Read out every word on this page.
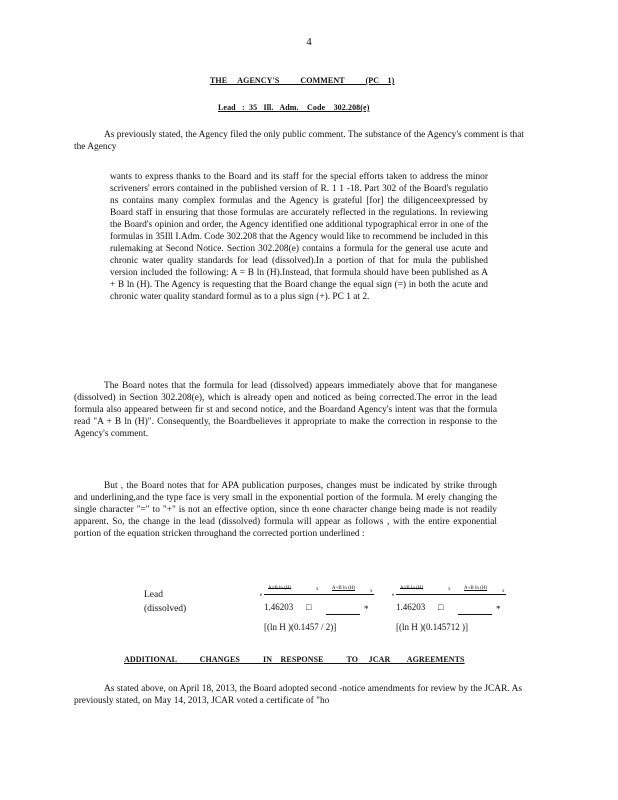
4
THE     AGENCY'S          COMMENT          (PC    1)
Lead   :  35   Ill.   Adm.    Code    302.208(e)

As previously stated, the Agency filed the only public comment. The substance of the Agency's comment is that the Agency

wants to express thanks to the Board and its staff for the special efforts taken to address the minor scriveners' errors contained in the published version of R. 1 1 -18. Part 302 of the Board's regulatio ns contains many complex formulas and the Agency is grateful [for] the diligenceexpressed by Board staff in ensuring that those formulas are accurately reflected in the regulations. In reviewing the Board's opinion and order, the Agency identified one additional typographical error in one of the formulas in 35Ill I.Adm. Code 302.208 that the Agency would like to recommend be included in this rulemaking at Second Notice. Section 302.208(e) contains a formula for the general use acute and chronic water quality standards for lead (dissolved).In a portion of that for mula the published version included the following: A = B ln (H).Instead, that formula should have been published as A + B ln (H). The Agency is requesting that the Board change the equal sign (=) in both the acute and chronic water quality standard formul as to a plus sign (+). PC 1 at 2.

The Board notes that the formula for lead (dissolved) appears immediately above that for manganese (dissolved) in Section 302.208(e), which is already open and noticed as being corrected.The error in the lead formula also appeared between fir st and second notice, and the Boardand Agency's intent was that the formula read "A + B ln (H)". Consequently, the Boardbelieves it appropriate to make the correction in response to the Agency's comment.

But , the Board notes that for APA publication purposes, changes must be indicated by strike through and underlining,and the type face is very small in the exponential portion of the formula. M erely changing the single character "=" to "+" is not an effective option, since th eone character change being made is not readily apparent. So, the change in the lead (dissolved) formula will appear as follows , with the entire exponential portion of the equation stricken throughand the corrected portion underlined :

Lead
(dissolved)
e
A=B ln (H)	x	A+B ln (H)
x
1.46203 □	*
[(ln H )(0.1457 / 2)]
e
A=B ln (H)	x	A+B ln (H)
x
1.46203 □	*
[(ln H )(0.145712 )]
ADDITIONAL           CHANGES           IN    RESPONSE           TO     JCAR        AGREEMENTS

As stated above, on April 18, 2013, the Board adopted second -notice amendments for review by the JCAR. As previously stated, on May 14, 2013, JCAR voted a certificate of "ho
